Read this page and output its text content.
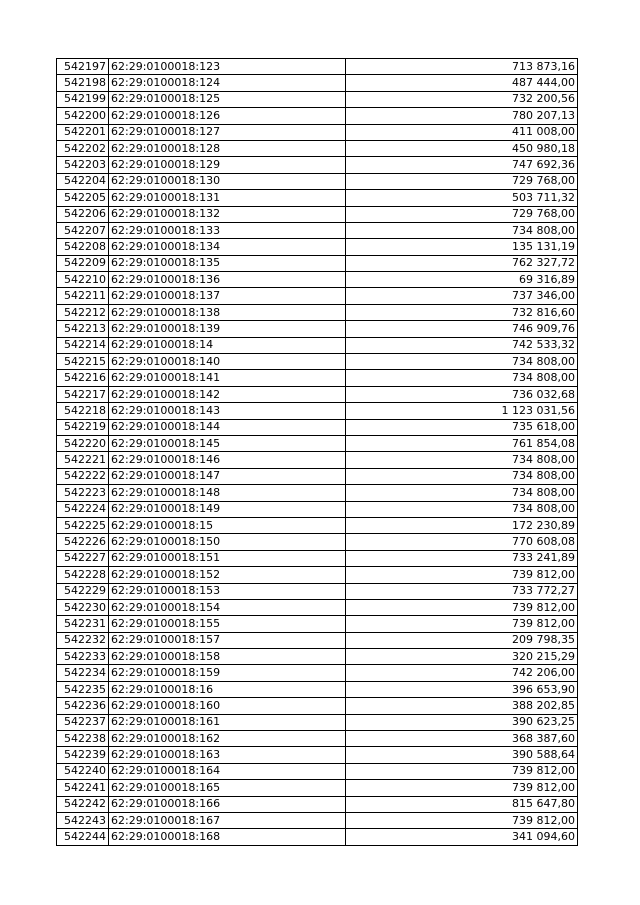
542197	62:29:0100018:123	713 873,16
542198	62:29:0100018:124	487 444,00
542199	62:29:0100018:125	732 200,56
542200	62:29:0100018:126	780 207,13
542201	62:29:0100018:127	411 008,00
542202	62:29:0100018:128	450 980,18
542203	62:29:0100018:129	747 692,36
542204	62:29:0100018:130	729 768,00
542205	62:29:0100018:131	503 711,32
542206	62:29:0100018:132	729 768,00
542207	62:29:0100018:133	734 808,00
542208	62:29:0100018:134	135 131,19
542209	62:29:0100018:135	762 327,72
542210	62:29:0100018:136	69 316,89
542211	62:29:0100018:137	737 346,00
542212	62:29:0100018:138	732 816,60
542213	62:29:0100018:139	746 909,76
542214	62:29:0100018:14	742 533,32
542215	62:29:0100018:140	734 808,00
542216	62:29:0100018:141	734 808,00
542217	62:29:0100018:142	736 032,68
542218	62:29:0100018:143	1 123 031,56
542219	62:29:0100018:144	735 618,00
542220	62:29:0100018:145	761 854,08
542221	62:29:0100018:146	734 808,00
542222	62:29:0100018:147	734 808,00
542223	62:29:0100018:148	734 808,00
542224	62:29:0100018:149	734 808,00
542225	62:29:0100018:15	172 230,89
542226	62:29:0100018:150	770 608,08
542227	62:29:0100018:151	733 241,89
542228	62:29:0100018:152	739 812,00
542229	62:29:0100018:153	733 772,27
542230	62:29:0100018:154	739 812,00
542231	62:29:0100018:155	739 812,00
542232	62:29:0100018:157	209 798,35
542233	62:29:0100018:158	320 215,29
542234	62:29:0100018:159	742 206,00
542235	62:29:0100018:16	396 653,90
542236	62:29:0100018:160	388 202,85
542237	62:29:0100018:161	390 623,25
542238	62:29:0100018:162	368 387,60
542239	62:29:0100018:163	390 588,64
542240	62:29:0100018:164	739 812,00
542241	62:29:0100018:165	739 812,00
542242	62:29:0100018:166	815 647,80
542243	62:29:0100018:167	739 812,00
542244	62:29:0100018:168	341 094,60
